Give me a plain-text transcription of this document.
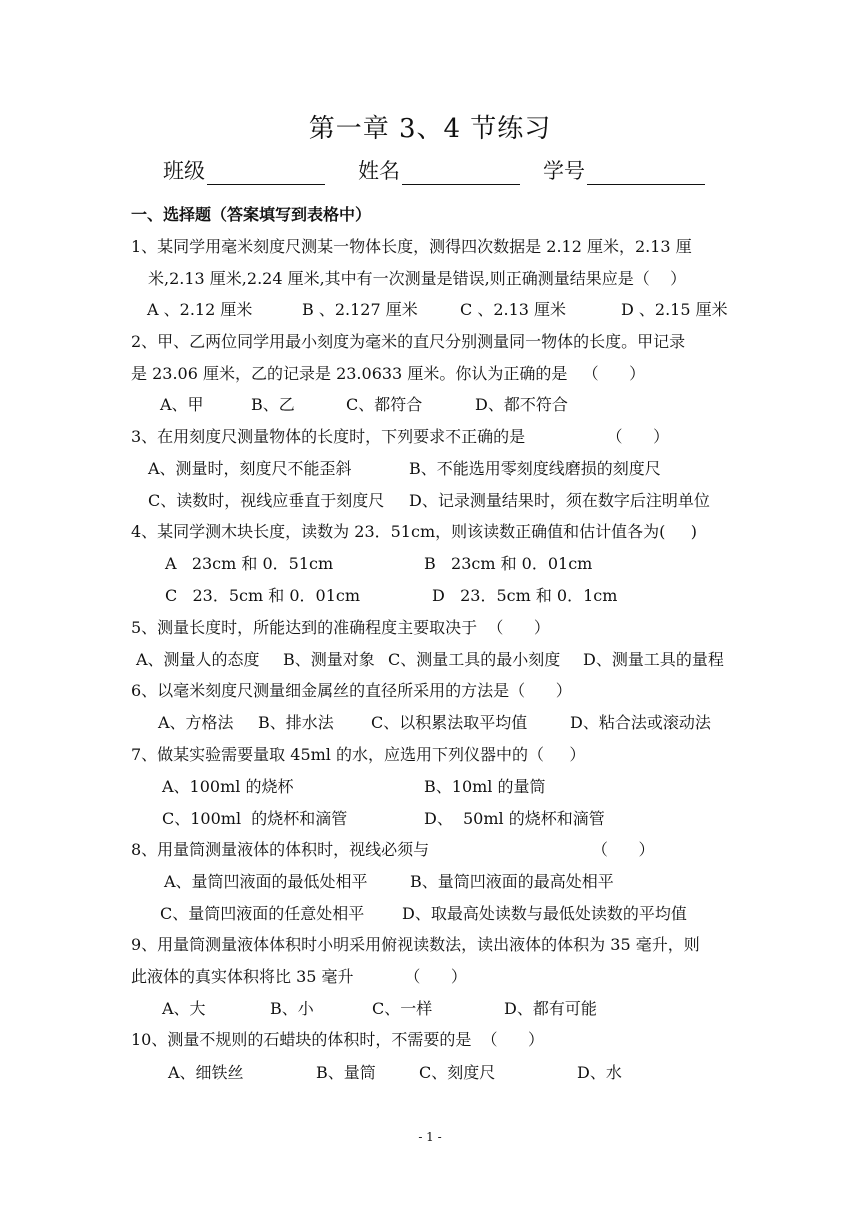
第一章 3、4 节练习
班级	姓名	学号
一、选择题（答案填写到表格中）
1、某同学用毫米刻度尺测某一物体长度，测得四次数据是 2.12 厘米，2.13 厘
米,2.13 厘米,2.24 厘米,其中有一次测量是错误,则正确测量结果应是（    ）
A 、2.12 厘米	B 、2.127 厘米	C 、2.13 厘米	D 、2.15 厘米
2、甲、乙两位同学用最小刻度为毫米的直尺分别测量同一物体的长度。甲记录
是 23.06 厘米，乙的记录是 23.0633 厘米。你认为正确的是   （      ）
A、甲	B、乙	C、都符合	D、都不符合
3、在用刻度尺测量物体的长度时，下列要求不正确的是                （      ）
A、测量时，刻度尺不能歪斜	B、不能选用零刻度线磨损的刻度尺
C、读数时，视线应垂直于刻度尺 D、记录测量结果时，须在数字后注明单位
4、某同学测木块长度，读数为 23．51cm，则该读数正确值和估计值各为(     )
A   23cm 和 0．51cm	B   23cm 和 0．01cm
C   23．5cm 和 0．01cm	D   23．5cm 和 0．1cm
5、测量长度时，所能达到的准确程度主要取决于  （      ）
A、测量人的态度 B、测量对象 C、测量工具的最小刻度 D、测量工具的量程
6、以毫米刻度尺测量细金属丝的直径所采用的方法是（      ）
A、方格法 B、排水法 C、以积累法取平均值	D、粘合法或滚动法
7、做某实验需要量取 45ml 的水，应选用下列仪器中的（     ）
A、100ml 的烧杯	B、10ml 的量筒
C、100ml  的烧杯和滴管	D、  50ml 的烧杯和滴管
8、用量筒测量液体的体积时，视线必须与                                （      ）
A、量筒凹液面的最低处相平	B、量筒凹液面的最高处相平
C、量筒凹液面的任意处相平 D、取最高处读数与最低处读数的平均值
9、用量筒测量液体体积时小明采用俯视读数法，读出液体的体积为 35 毫升，则
此液体的真实体积将比 35 毫升          （      ）
A、大	B、小	C、一样	D、都有可能
10、测量不规则的石蜡块的体积时，不需要的是  （      ）
A、细铁丝	B、量筒	C、刻度尺	D、水
- 1 -
